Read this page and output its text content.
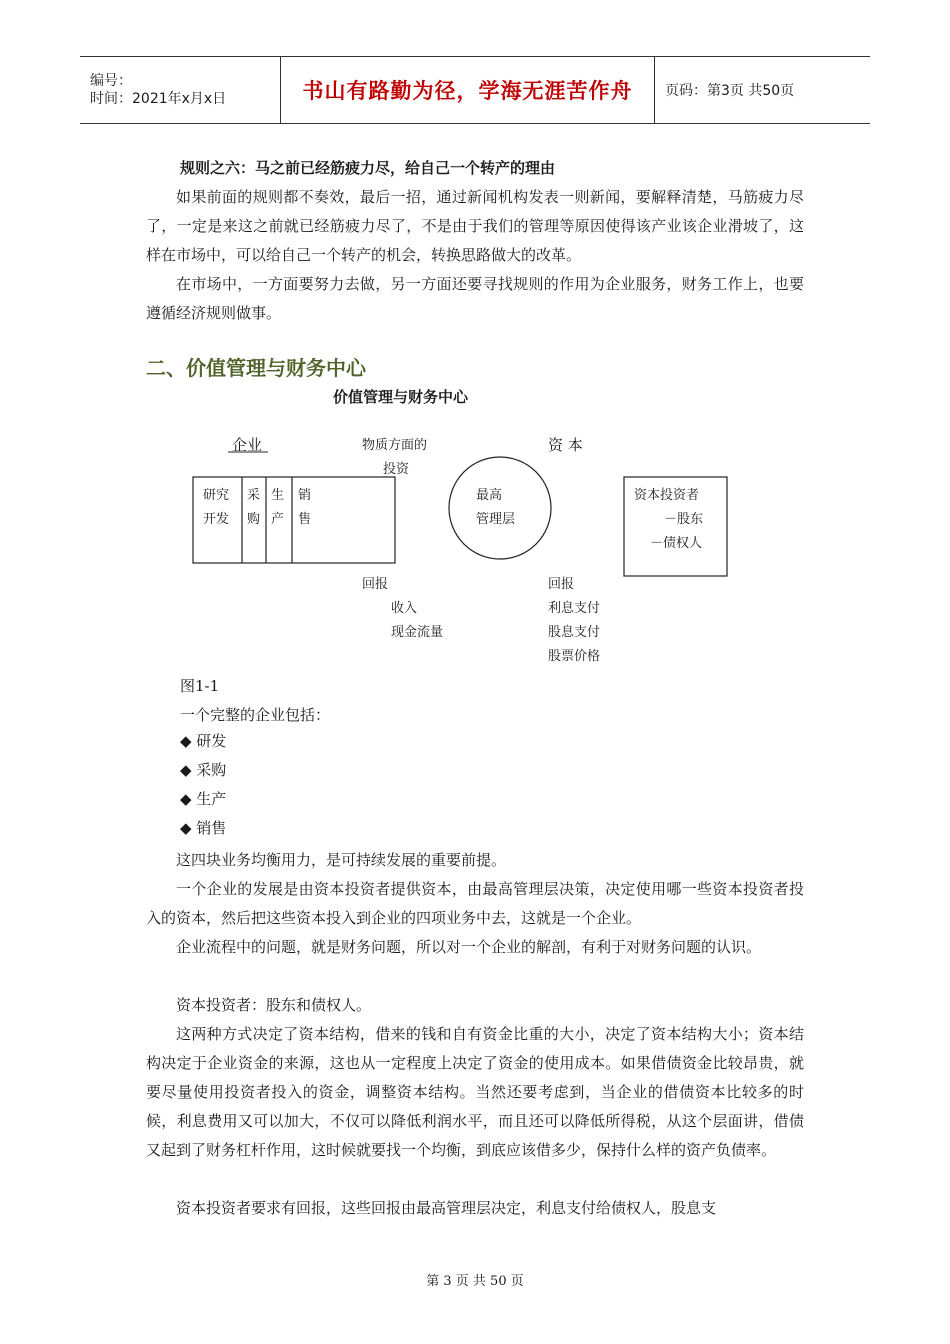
编号：
时间：2021年x月x日	书山有路勤为径，学海无涯苦作舟 页码：第3页 共50页

规则之六：马之前已经筋疲力尽，给自己一个转产的理由

如果前面的规则都不奏效，最后一招，通过新闻机构发表一则新闻，要解释清楚，马筋疲力尽了，一定是来这之前就已经筋疲力尽了，不是由于我们的管理等原因使得该产业该企业滑坡了，这样在市场中，可以给自己一个转产的机会，转换思路做大的改革。

在市场中，一方面要努力去做，另一方面还要寻找规则的作用为企业服务，财务工作上，也要遵循经济规则做事。

二、价值管理与财务中心
价值管理与财务中心
企业	资 本
物质方面的
投资
最高
管理层
研究
开发
采
购
生
产
销
售
资本投资者
－股东
－债权人
回报
收入
现金流量
回报
利息支付
股息支付
股票价格

图1-1

一个完整的企业包括：

◆ 研发
◆ 采购
◆ 生产
◆ 销售

这四块业务均衡用力，是可持续发展的重要前提。

一个企业的发展是由资本投资者提供资本，由最高管理层决策，决定使用哪一些资本投资者投入的资本，然后把这些资本投入到企业的四项业务中去，这就是一个企业。

企业流程中的问题，就是财务问题，所以对一个企业的解剖，有利于对财务问题的认识。

资本投资者：股东和债权人。

这两种方式决定了资本结构，借来的钱和自有资金比重的大小，决定了资本结构大小；资本结构决定于企业资金的来源，这也从一定程度上决定了资金的使用成本。如果借债资金比较昂贵，就要尽量使用投资者投入的资金，调整资本结构。当然还要考虑到，当企业的借债资本比较多的时候，利息费用又可以加大，不仅可以降低利润水平，而且还可以降低所得税，从这个层面讲，借债又起到了财务杠杆作用，这时候就要找一个均衡，到底应该借多少，保持什么样的资产负债率。

资本投资者要求有回报，这些回报由最高管理层决定，利息支付给债权人，股息支

第 3 页 共 50 页
